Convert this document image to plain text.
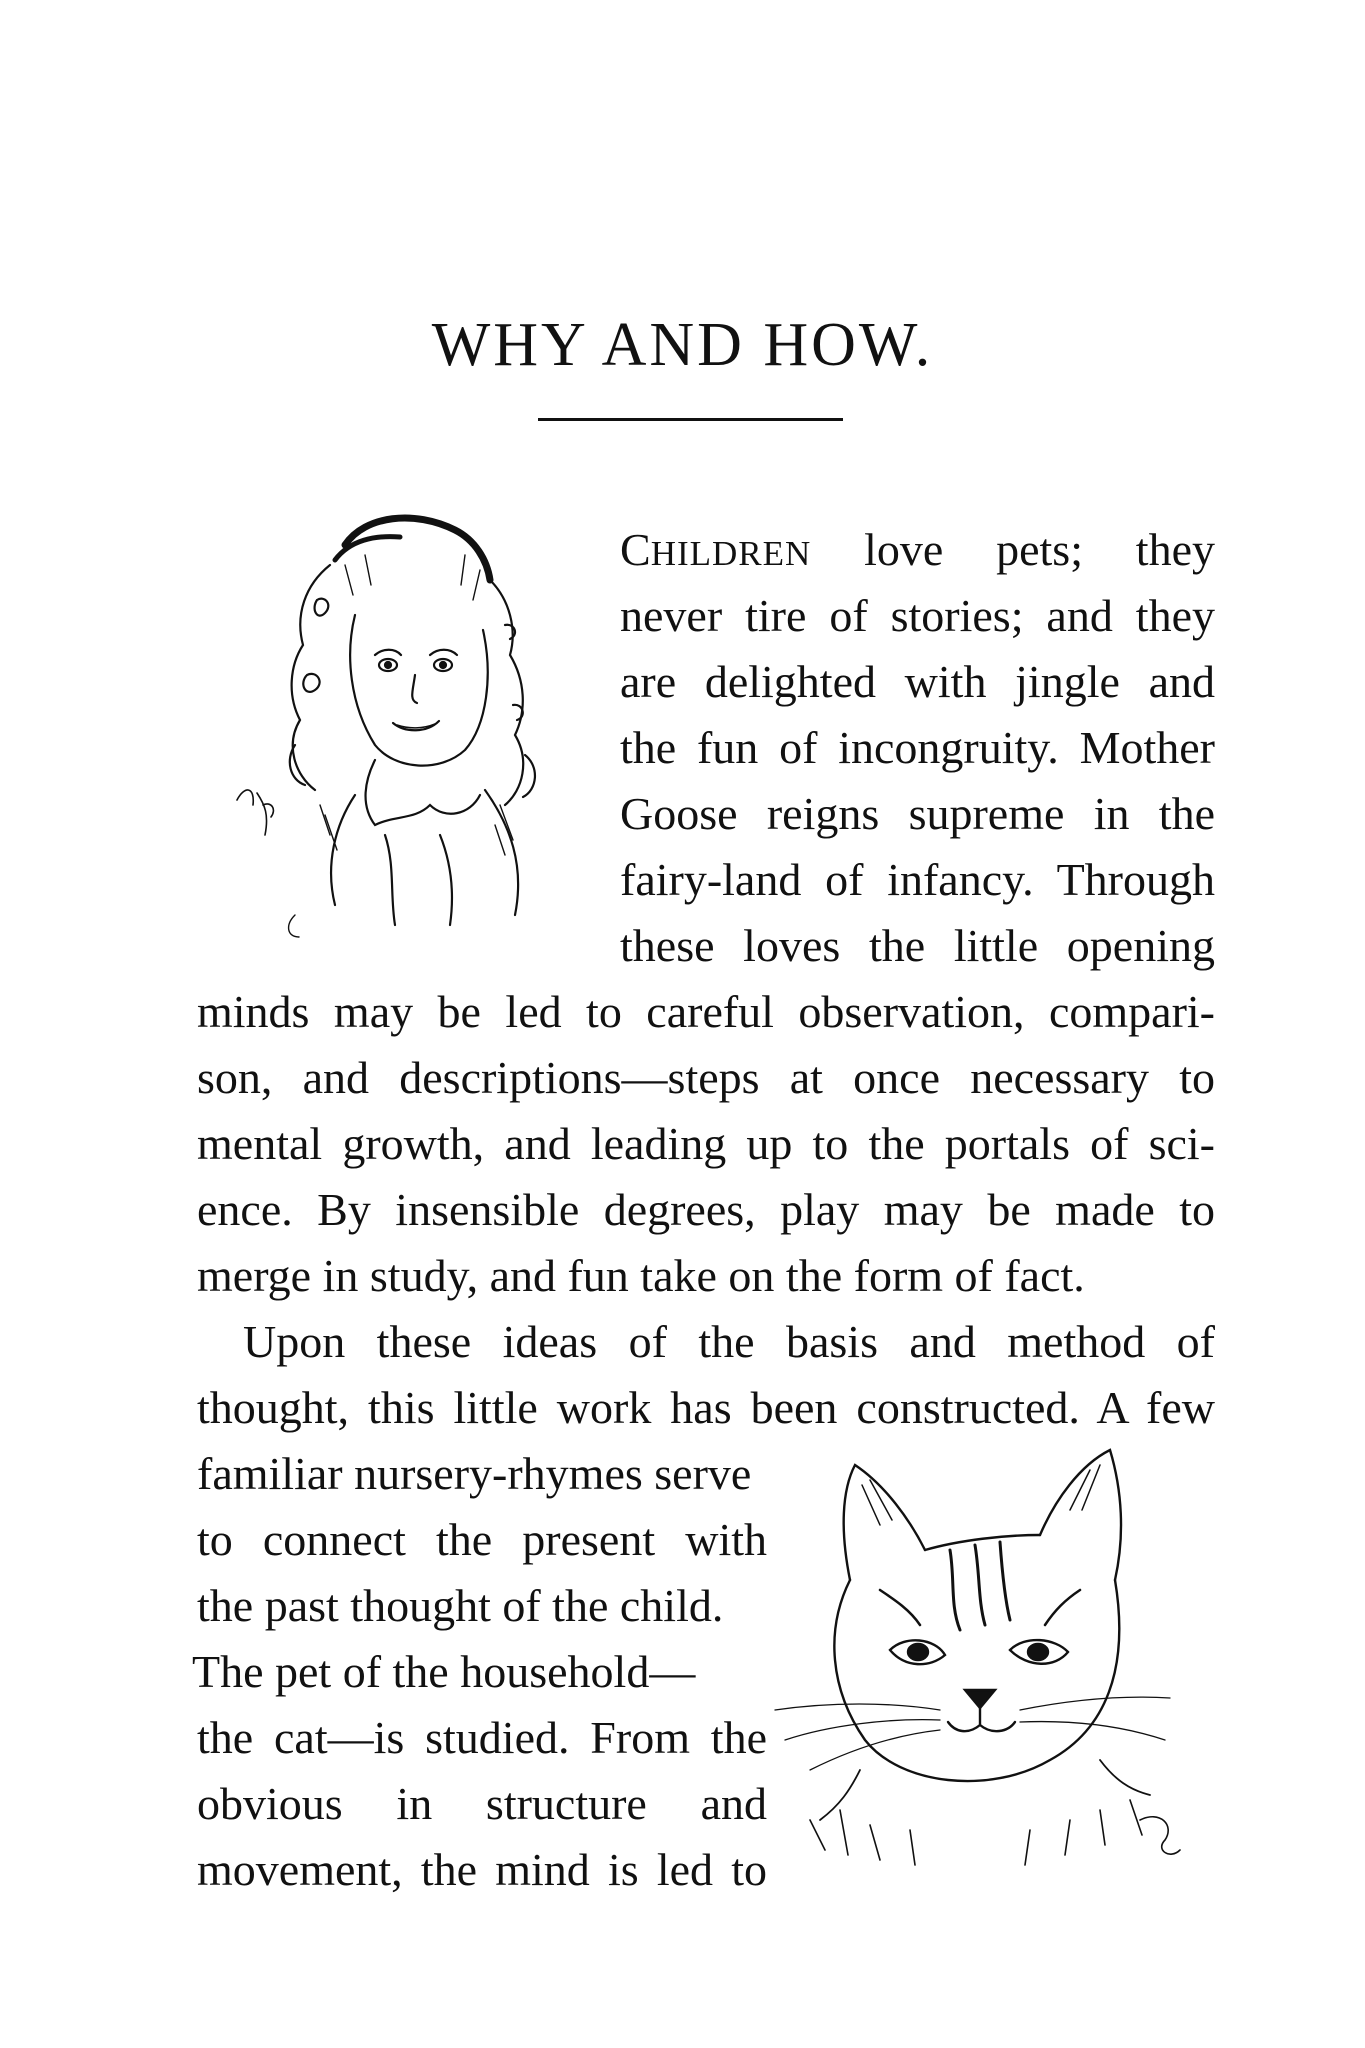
WHY AND HOW.
CHILDREN love pets; they
never tire of stories; and they
are delighted with jingle and
the fun of incongruity. Mother
Goose reigns supreme in the
fairy-land of infancy. Through
these loves the little opening
minds may be led to careful observation, compari-
son, and descriptions—steps at once necessary to
mental growth, and leading up to the portals of sci-
ence. By insensible degrees, play may be made to
merge in study, and fun take on the form of fact.
Upon these ideas of the basis and method of
thought, this little work has been constructed. A few
familiar nursery-rhymes serve
to connect the present with
the past thought of the child.
The pet of the household—
the cat—is studied. From the
obvious in structure and
movement, the mind is led to
